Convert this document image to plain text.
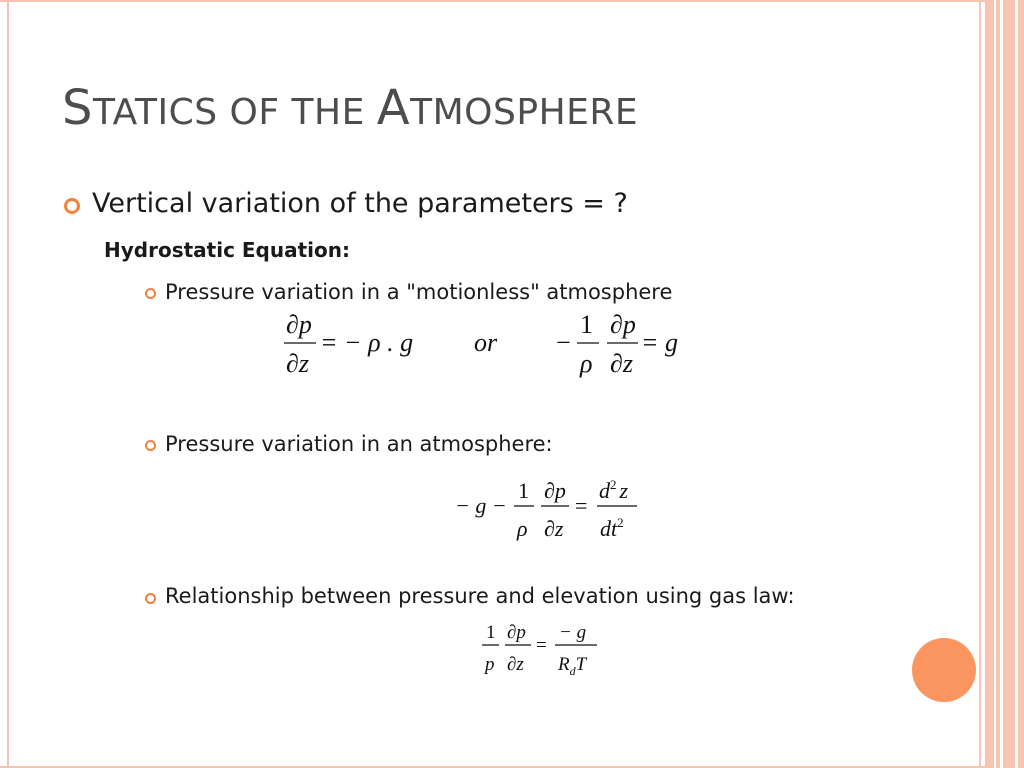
STATICS OF THE ATMOSPHERE
Vertical variation of the parameters = ?
Hydrostatic Equation:
Pressure variation in a "motionless" atmosphere
∂p
∂z
= − ρ . g or −
1
ρ
∂p
∂z
= g
Pressure variation in an atmosphere:
− g −
1
ρ
∂p
∂z
=
$d^2$ z
$dt^2$
Relationship between pressure and elevation using gas law:
1
p
∂p
∂z
=
− g
$R_dT$
